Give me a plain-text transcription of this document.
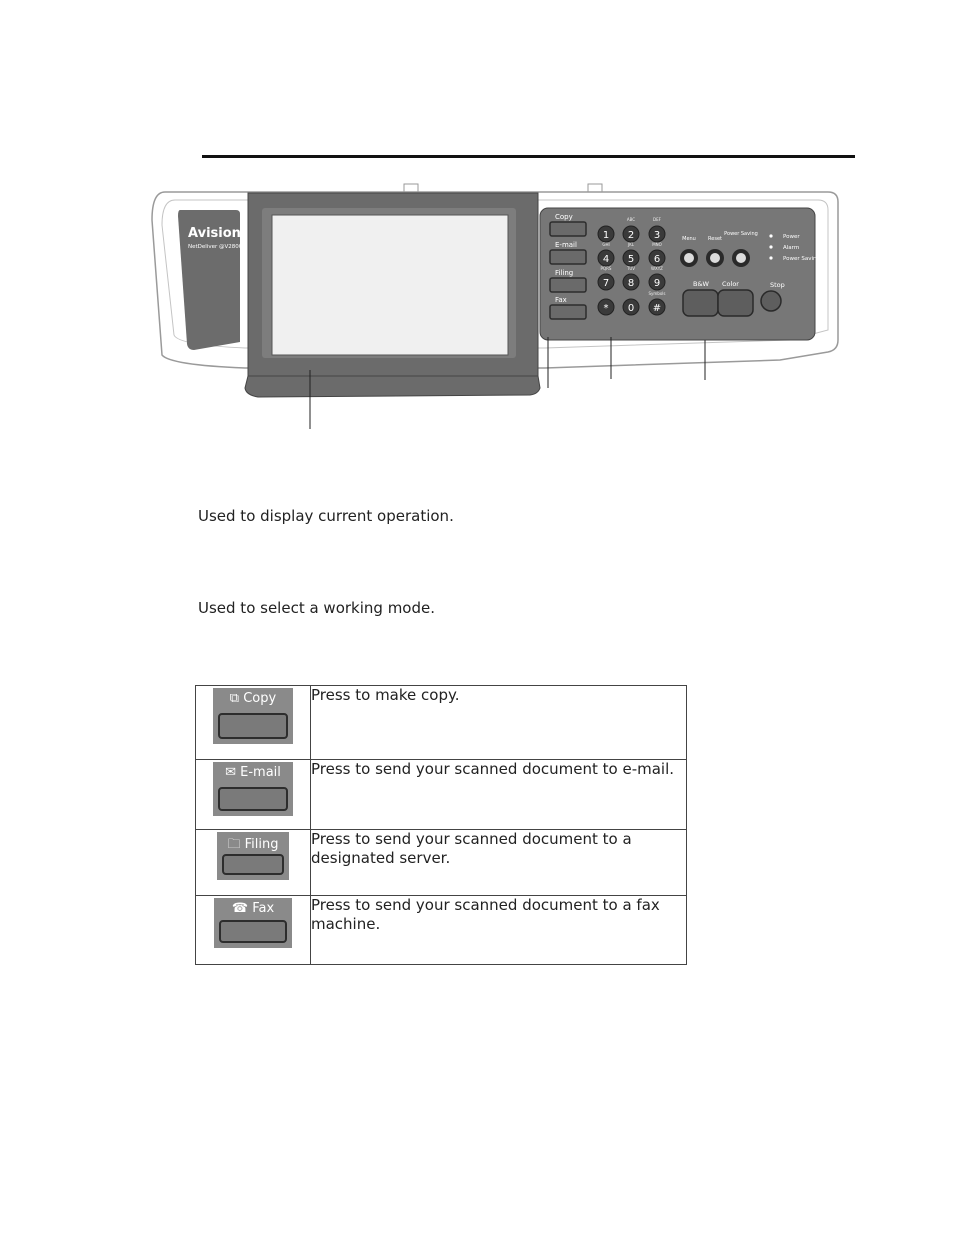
Avision
NetDeliver @V2800
Copy
E-mail
Filing
Fax
ABC	DEF
1 2 3
GHI	JKL	MNO
4 5 6
PQRS	TUV	WXYZ
7 8 9
Symbols
* 0 #
Menu Reset
Power Saving
B&W Color	Stop
Power
Alarm
Power Saving
Used to display current operation.
Used to select a working mode.
⧉ Copy	Press to make copy.

✉ E-mail	Press to send your scanned document to e-mail.

🗀 Filing	Press to send your scanned document to a designated server.

☎ Fax	Press to send your scanned document to a fax machine.
